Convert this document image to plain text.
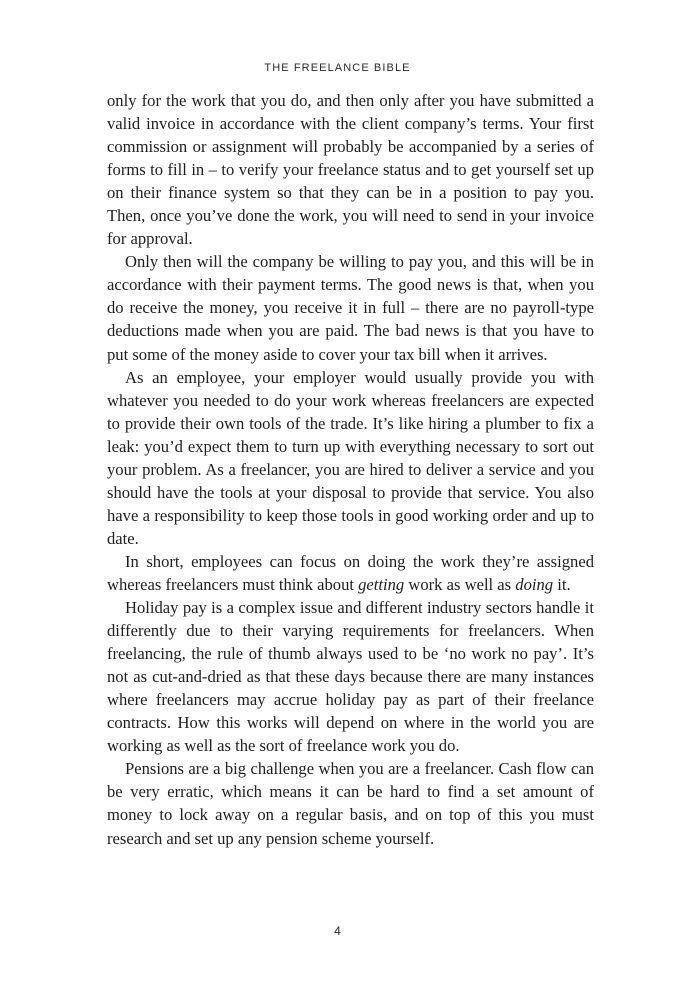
THE FREELANCE BIBLE

only for the work that you do, and then only after you have submitted a valid invoice in accordance with the client company’s terms. Your first commission or assignment will probably be accompanied by a series of forms to fill in – to verify your freelance status and to get yourself set up on their finance system so that they can be in a position to pay you. Then, once you’ve done the work, you will need to send in your invoice for approval.

Only then will the company be willing to pay you, and this will be in accordance with their payment terms. The good news is that, when you do receive the money, you receive it in full – there are no payroll-type deductions made when you are paid. The bad news is that you have to put some of the money aside to cover your tax bill when it arrives.

As an employee, your employer would usually provide you with whatever you needed to do your work whereas freelancers are expected to provide their own tools of the trade. It’s like hiring a plumber to fix a leak: you’d expect them to turn up with everything necessary to sort out your problem. As a freelancer, you are hired to deliver a service and you should have the tools at your disposal to provide that service. You also have a responsibility to keep those tools in good working order and up to date.

In short, employees can focus on doing the work they’re assigned whereas freelancers must think about getting work as well as doing it.

Holiday pay is a complex issue and different industry sectors handle it differently due to their varying requirements for freelancers. When freelancing, the rule of thumb always used to be ‘no work no pay’. It’s not as cut-and-dried as that these days because there are many instances where freelancers may accrue holiday pay as part of their freelance contracts. How this works will depend on where in the world you are working as well as the sort of freelance work you do.

Pensions are a big challenge when you are a freelancer. Cash flow can be very erratic, which means it can be hard to find a set amount of money to lock away on a regular basis, and on top of this you must research and set up any pension scheme yourself.

4
